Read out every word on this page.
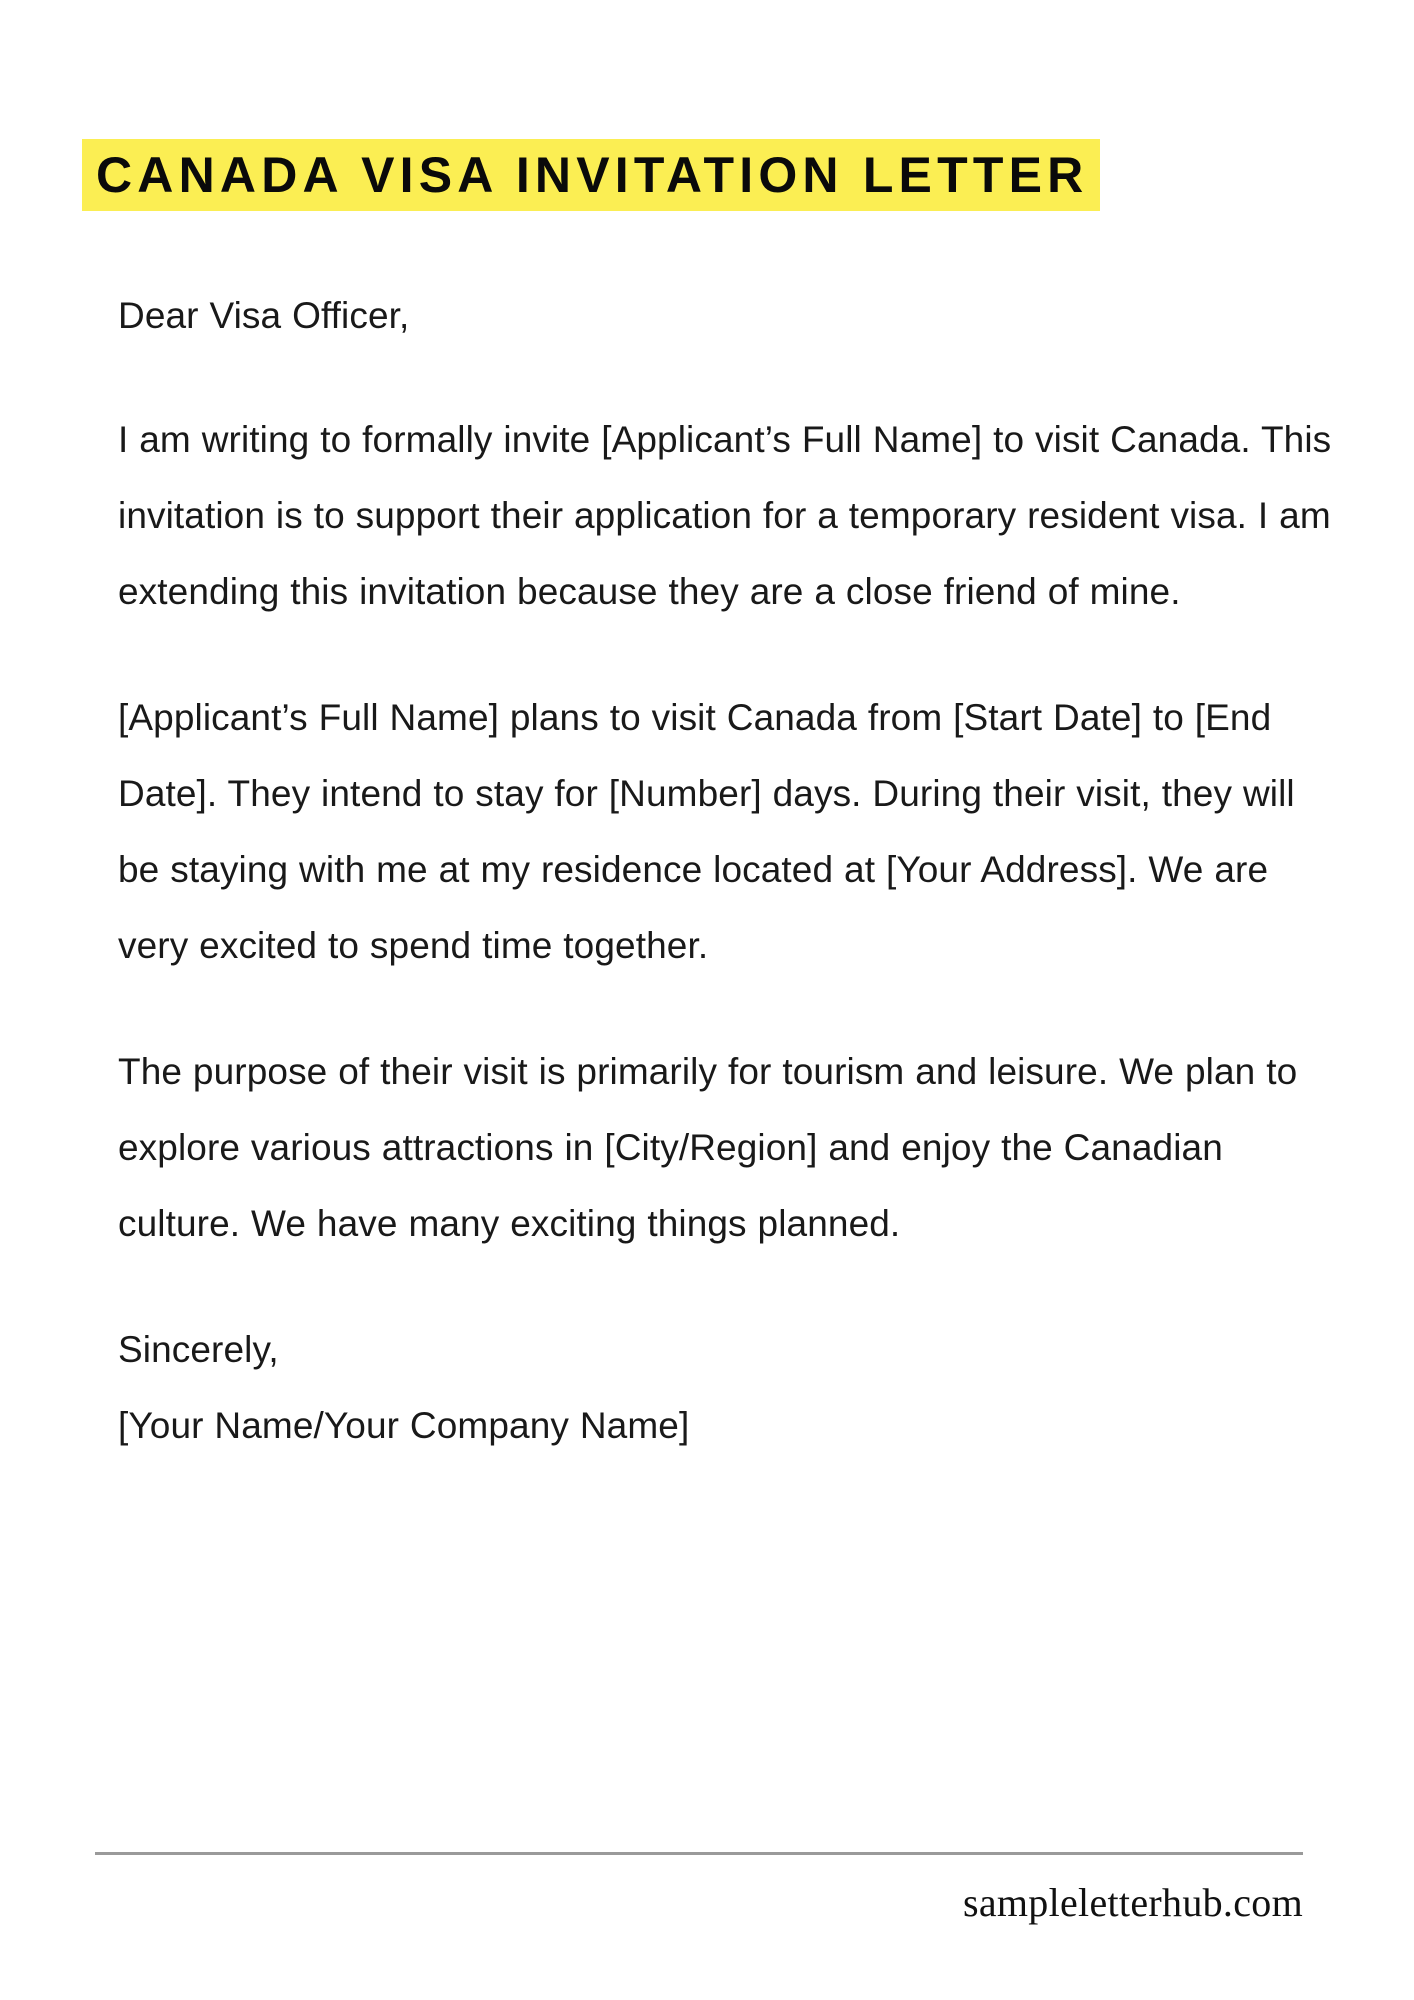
CANADA VISA INVITATION LETTER

Dear Visa Officer,

I am writing to formally invite [Applicant’s Full Name] to visit Canada. This invitation is to support their application for a temporary resident visa. I am extending this invitation because they are a close friend of mine.

[Applicant’s Full Name] plans to visit Canada from [Start Date] to [End Date]. They intend to stay for [Number] days. During their visit, they will be staying with me at my residence located at [Your Address]. We are very excited to spend time together.

The purpose of their visit is primarily for tourism and leisure. We plan to explore various attractions in [City/Region] and enjoy the Canadian culture. We have many exciting things planned.

Sincerely,

[Your Name/Your Company Name]

sampleletterhub.com
